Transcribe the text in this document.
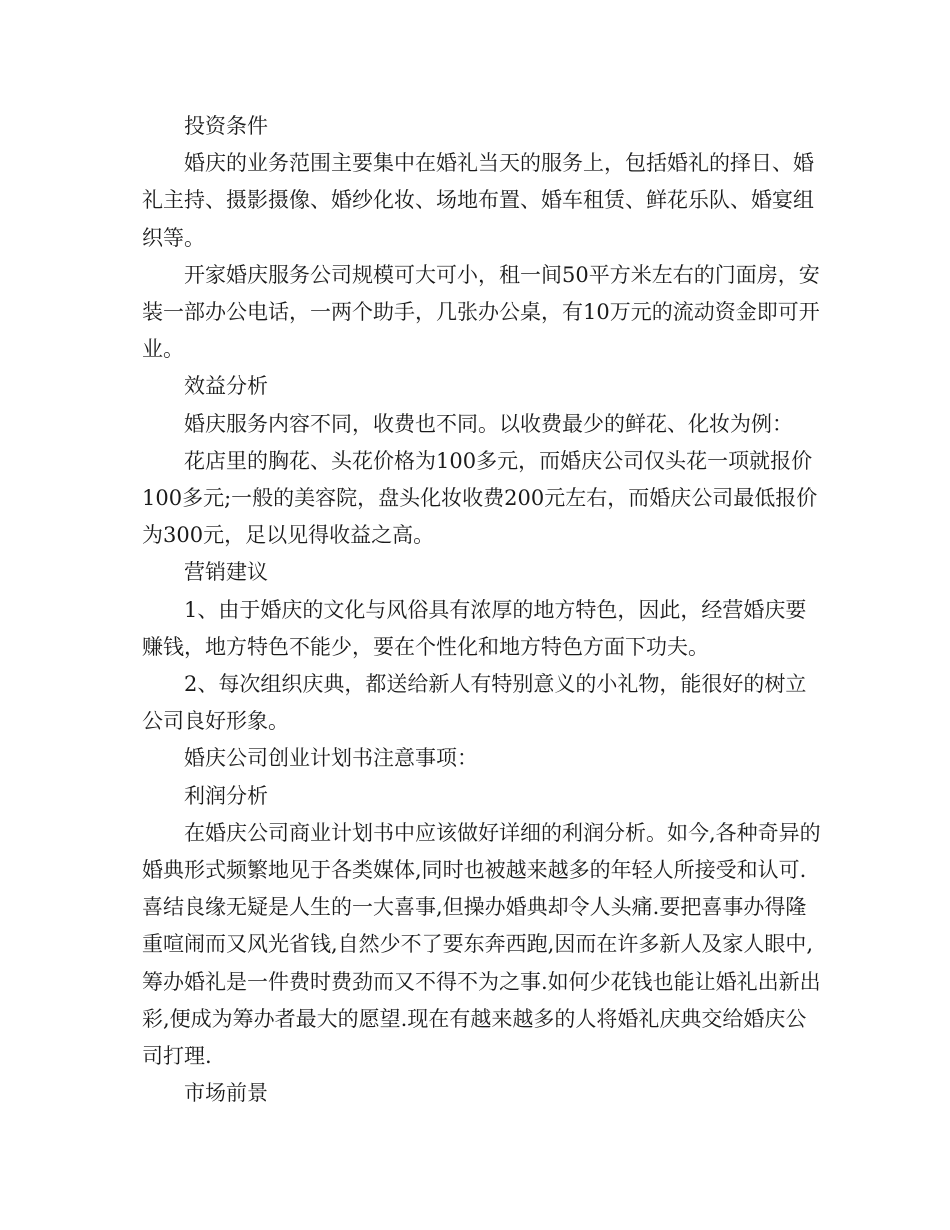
投资条件

婚庆的业务范围主要集中在婚礼当天的服务上，包括婚礼的择日、婚礼主持、摄影摄像、婚纱化妆、场地布置、婚车租赁、鲜花乐队、婚宴组织等。

开家婚庆服务公司规模可大可小，租一间50平方米左右的门面房，安装一部办公电话，一两个助手，几张办公桌，有10万元的流动资金即可开业。

效益分析

婚庆服务内容不同，收费也不同。以收费最少的鲜花、化妆为例：

花店里的胸花、头花价格为100多元，而婚庆公司仅头花一项就报价100多元;一般的美容院，盘头化妆收费200元左右，而婚庆公司最低报价为300元，足以见得收益之高。

营销建议

1、由于婚庆的文化与风俗具有浓厚的地方特色，因此，经营婚庆要赚钱，地方特色不能少，要在个性化和地方特色方面下功夫。

2、每次组织庆典，都送给新人有特别意义的小礼物，能很好的树立公司良好形象。

婚庆公司创业计划书注意事项：

利润分析

在婚庆公司商业计划书中应该做好详细的利润分析。如今,各种奇异的婚典形式频繁地见于各类媒体,同时也被越来越多的年轻人所接受和认可.喜结良缘无疑是人生的一大喜事,但操办婚典却令人头痛.要把喜事办得隆重喧闹而又风光省钱,自然少不了要东奔西跑,因而在许多新人及家人眼中,筹办婚礼是一件费时费劲而又不得不为之事.如何少花钱也能让婚礼出新出彩,便成为筹办者最大的愿望.现在有越来越多的人将婚礼庆典交给婚庆公司打理.

市场前景
